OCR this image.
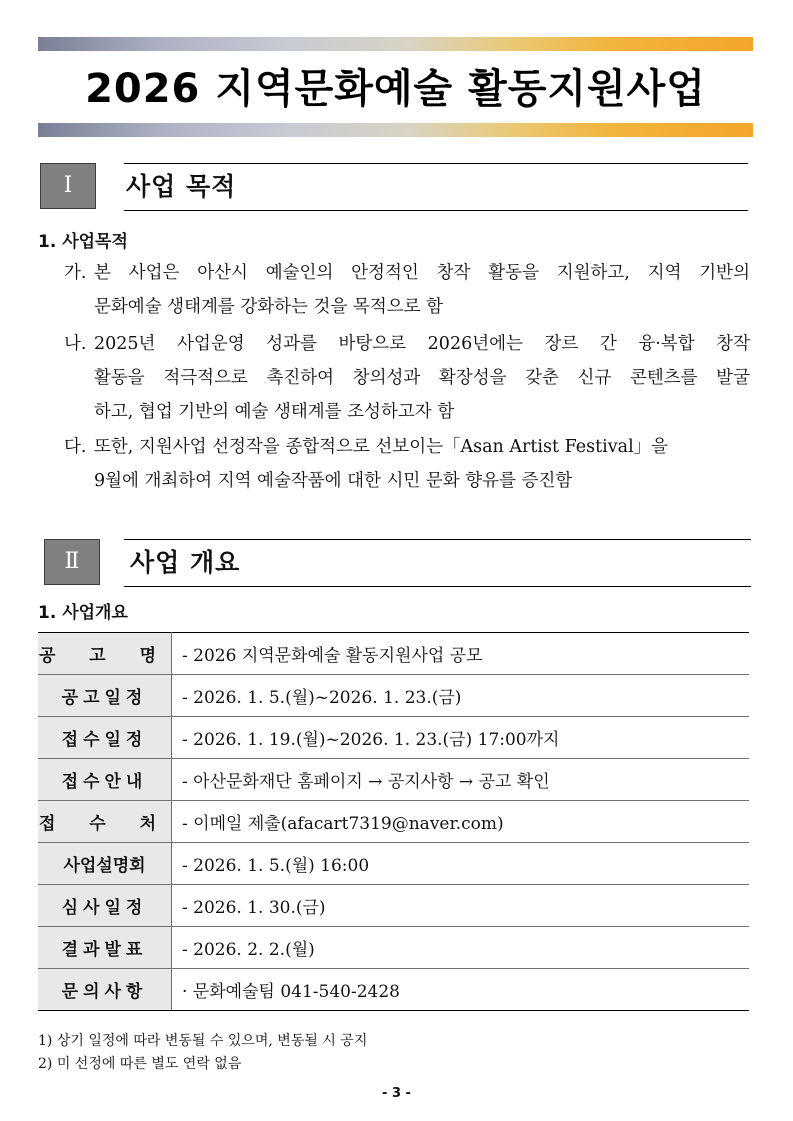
2026 지역문화예술 활동지원사업
Ⅰ	사업 목적
1. 사업목적
가. 본 사업은 아산시 예술인의 안정적인 창작 활동을 지원하고, 지역 기반의
문화예술 생태계를 강화하는 것을 목적으로 함
나. 2025년 사업운영 성과를 바탕으로 2026년에는 장르 간 융·복합 창작
활동을 적극적으로 촉진하여 창의성과 확장성을 갖춘 신규 콘텐츠를 발굴
하고, 협업 기반의 예술 생태계를 조성하고자 함
다. 또한, 지원사업 선정작을 종합적으로 선보이는「Asan Artist Festival」을
9월에 개최하여 지역 예술작품에 대한 시민 문화 향유를 증진함
Ⅱ	사업 개요
1. 사업개요
공 고 명	- 2026 지역문화예술 활동지원사업 공모
공고일정	- 2026. 1. 5.(월)~2026. 1. 23.(금)
접수일정	- 2026. 1. 19.(월)~2026. 1. 23.(금) 17:00까지
접수안내	- 아산문화재단 홈페이지 → 공지사항 → 공고 확인
접 수 처	- 이메일 제출(afacart7319@naver.com)
사업설명회	- 2026. 1. 5.(월) 16:00
심사일정	- 2026. 1. 30.(금)
결과발표	- 2026. 2. 2.(월)
문의사항	· 문화예술팀 041-540-2428
1) 상기 일정에 따라 변동될 수 있으며, 변동될 시 공지
2) 미 선정에 따른 별도 연락 없음
- 3 -
